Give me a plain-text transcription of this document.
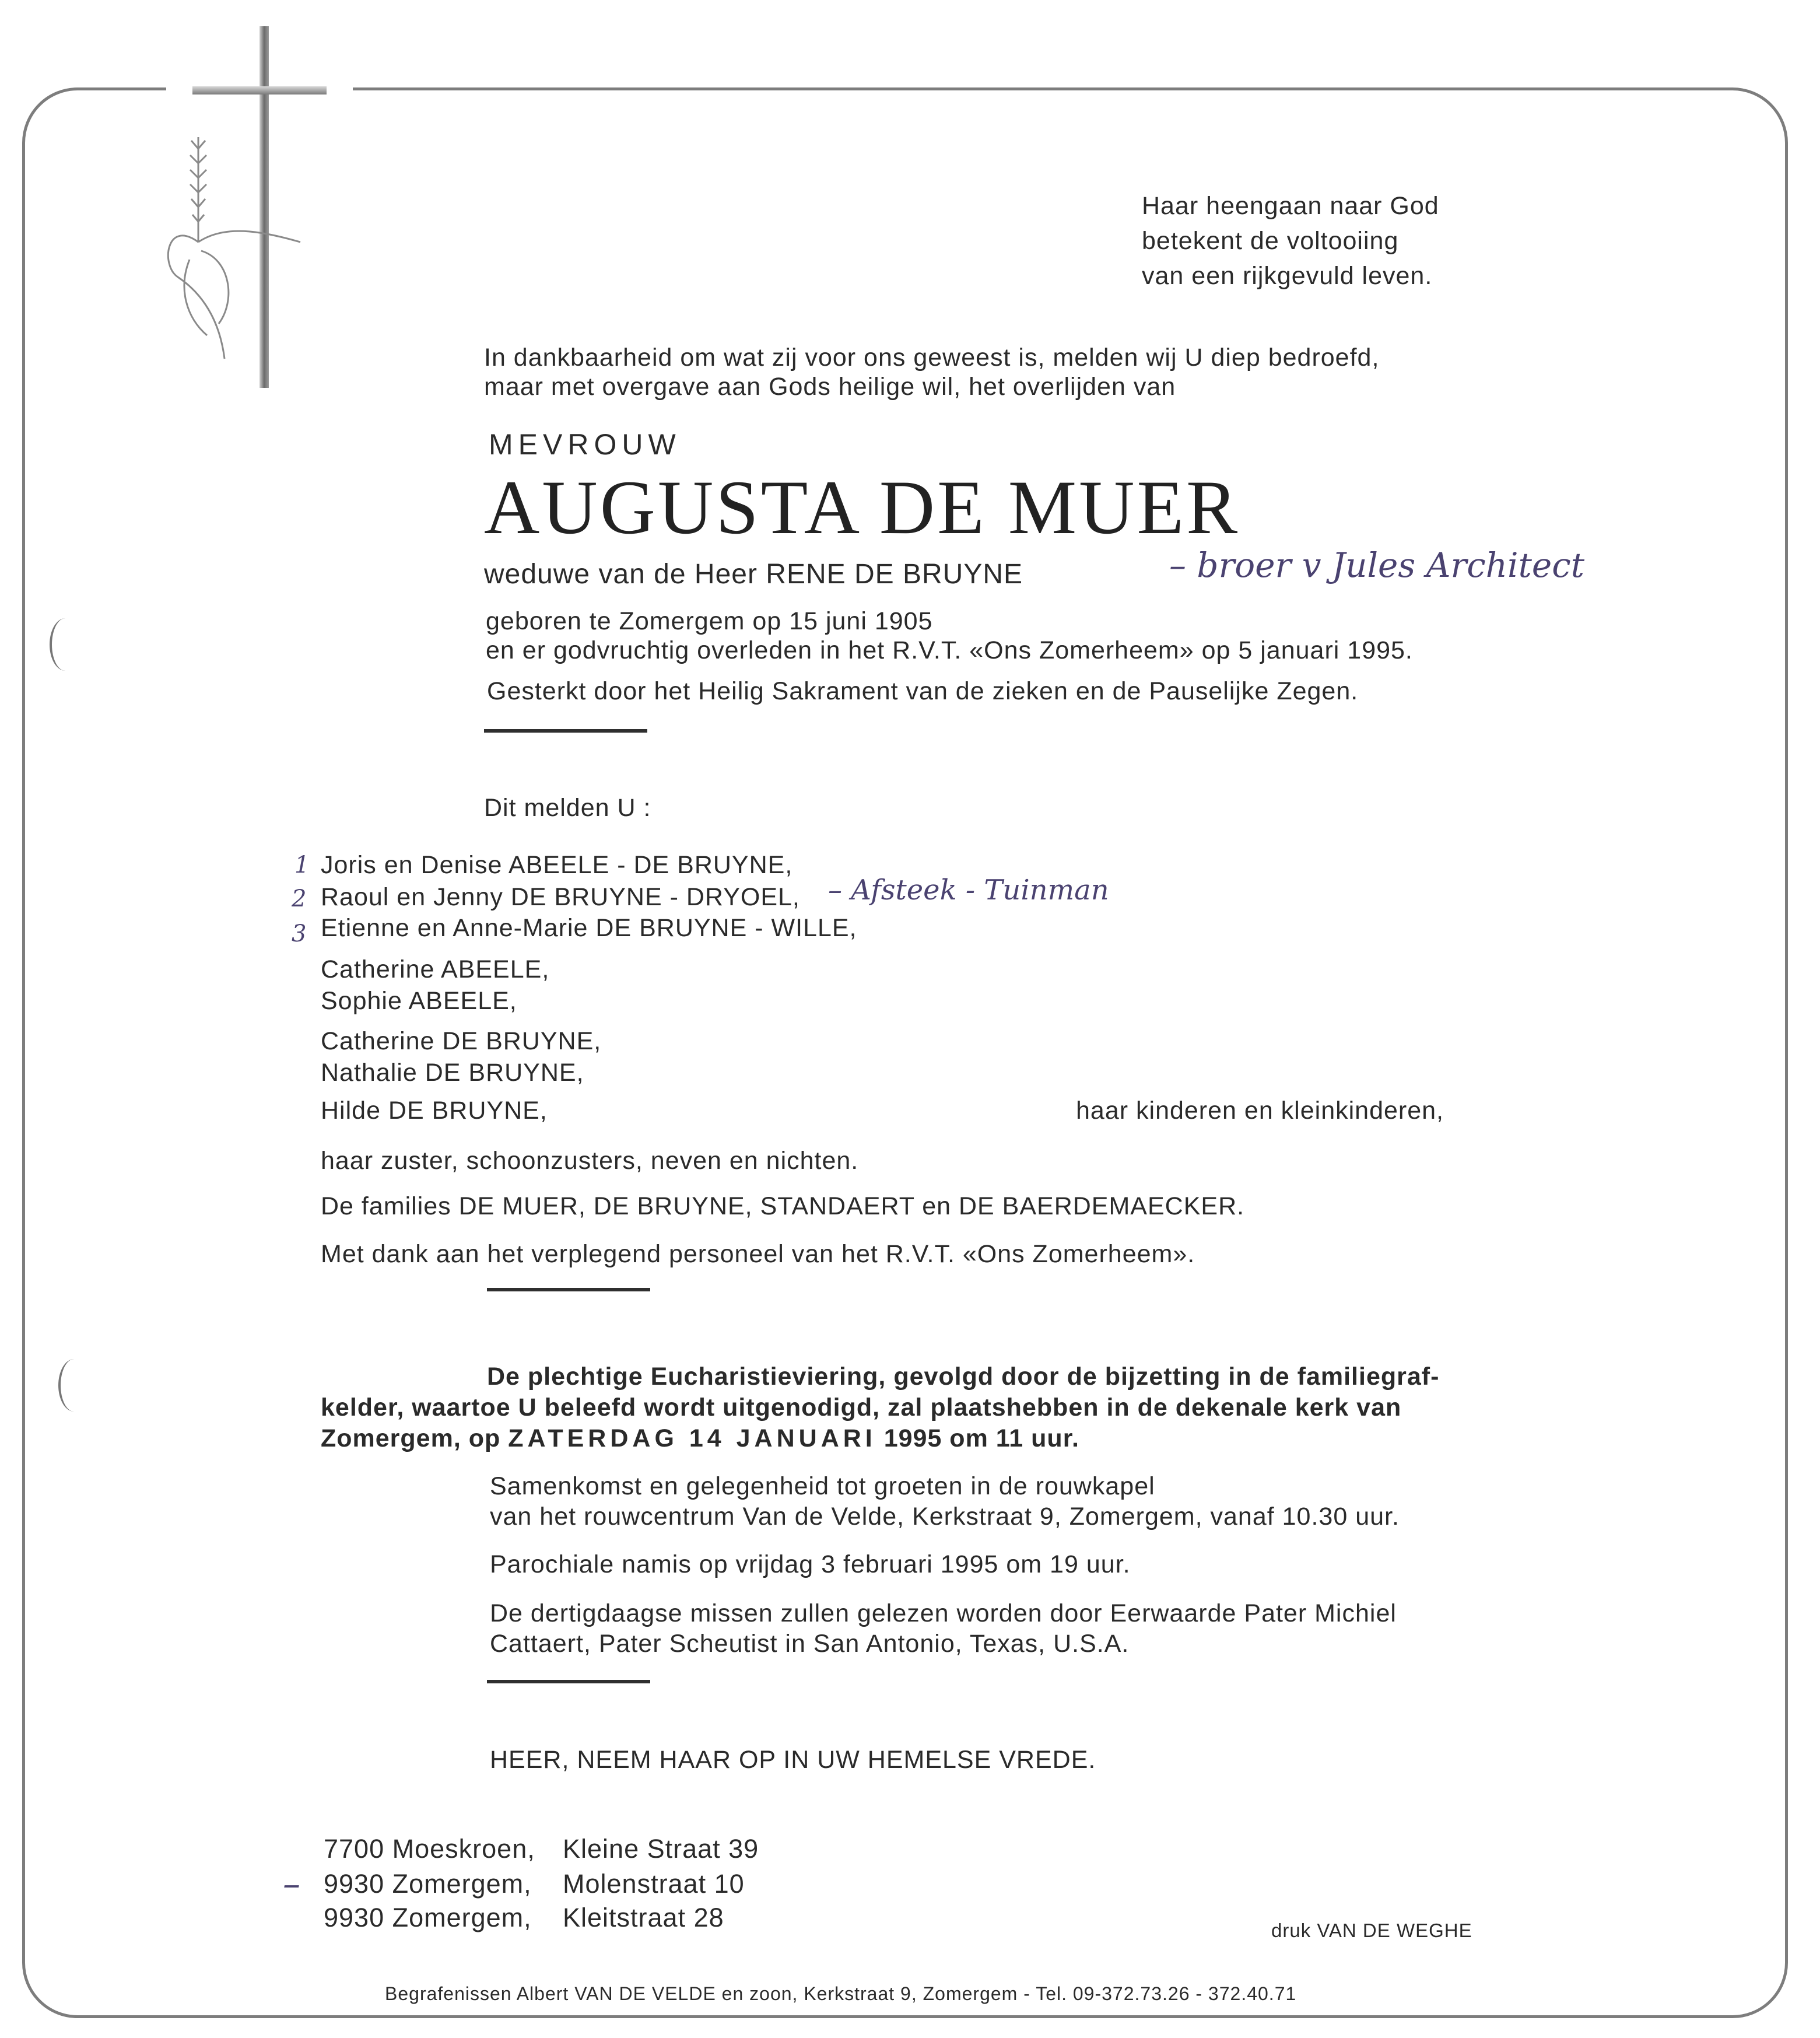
Haar heengaan naar God
betekent de voltooiing
van een rijkgevuld leven.
In dankbaarheid om wat zij voor ons geweest is, melden wij U diep bedroefd,
maar met overgave aan Gods heilige wil, het overlijden van
MEVROUW
AUGUSTA DE MUER
weduwe van de Heer RENE DE BRUYNE	– broer v Jules Architect
geboren te Zomergem op 15 juni 1905
en er godvruchtig overleden in het R.V.T. «Ons Zomerheem» op 5 januari 1995.
Gesterkt door het Heilig Sakrament van de zieken en de Pauselijke Zegen.
Dit melden U :
1
2
3
Joris en Denise ABEELE - DE BRUYNE,
Raoul en Jenny DE BRUYNE - DRYOEL, – Afsteek - Tuinman
Etienne en Anne-Marie DE BRUYNE - WILLE,
Catherine ABEELE,
Sophie ABEELE,
Catherine DE BRUYNE,
Nathalie DE BRUYNE,
Hilde DE BRUYNE,	haar kinderen en kleinkinderen,
haar zuster, schoonzusters, neven en nichten.
De families DE MUER, DE BRUYNE, STANDAERT en DE BAERDEMAECKER.
Met dank aan het verplegend personeel van het R.V.T. «Ons Zomerheem».
De plechtige Eucharistieviering, gevolgd door de bijzetting in de familiegraf-
kelder, waartoe U beleefd wordt uitgenodigd, zal plaatshebben in de dekenale kerk van
Zomergem, op ZATERDAG 14 JANUARI 1995 om 11 uur.
Samenkomst en gelegenheid tot groeten in de rouwkapel
van het rouwcentrum Van de Velde, Kerkstraat 9, Zomergem, vanaf 10.30 uur.
Parochiale namis op vrijdag 3 februari 1995 om 19 uur.
De dertigdaagse missen zullen gelezen worden door Eerwaarde Pater Michiel
Cattaert, Pater Scheutist in San Antonio, Texas, U.S.A.
HEER, NEEM HAAR OP IN UW HEMELSE VREDE.
–
7700 Moeskroen, Kleine Straat 39
9930 Zomergem, Molenstraat 10
9930 Zomergem, Kleitstraat 28	druk VAN DE WEGHE
Begrafenissen Albert VAN DE VELDE en zoon, Kerkstraat 9, Zomergem - Tel. 09-372.73.26 - 372.40.71
